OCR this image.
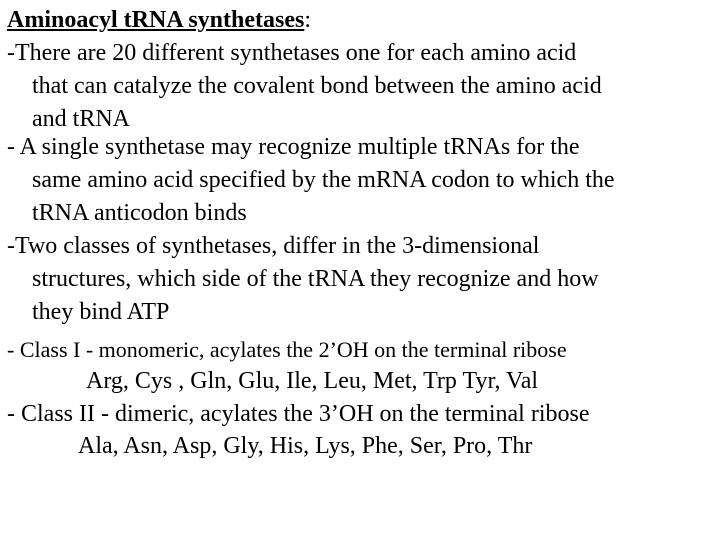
Aminoacyl tRNA synthetases:
-There are 20 different synthetases one for each amino acid
that can catalyze the covalent bond between the amino acid
and tRNA
- A single synthetase may recognize multiple tRNAs for the
same amino acid specified by the mRNA codon to which the
tRNA anticodon binds
-Two classes of synthetases, differ in the 3-dimensional
structures, which side of the tRNA they recognize and how
they bind ATP
- Class I - monomeric, acylates the 2’OH on the terminal ribose
Arg, Cys , Gln, Glu, Ile, Leu, Met, Trp Tyr, Val
- Class II - dimeric, acylates the 3’OH on the terminal ribose
Ala, Asn, Asp, Gly, His, Lys, Phe, Ser, Pro, Thr
